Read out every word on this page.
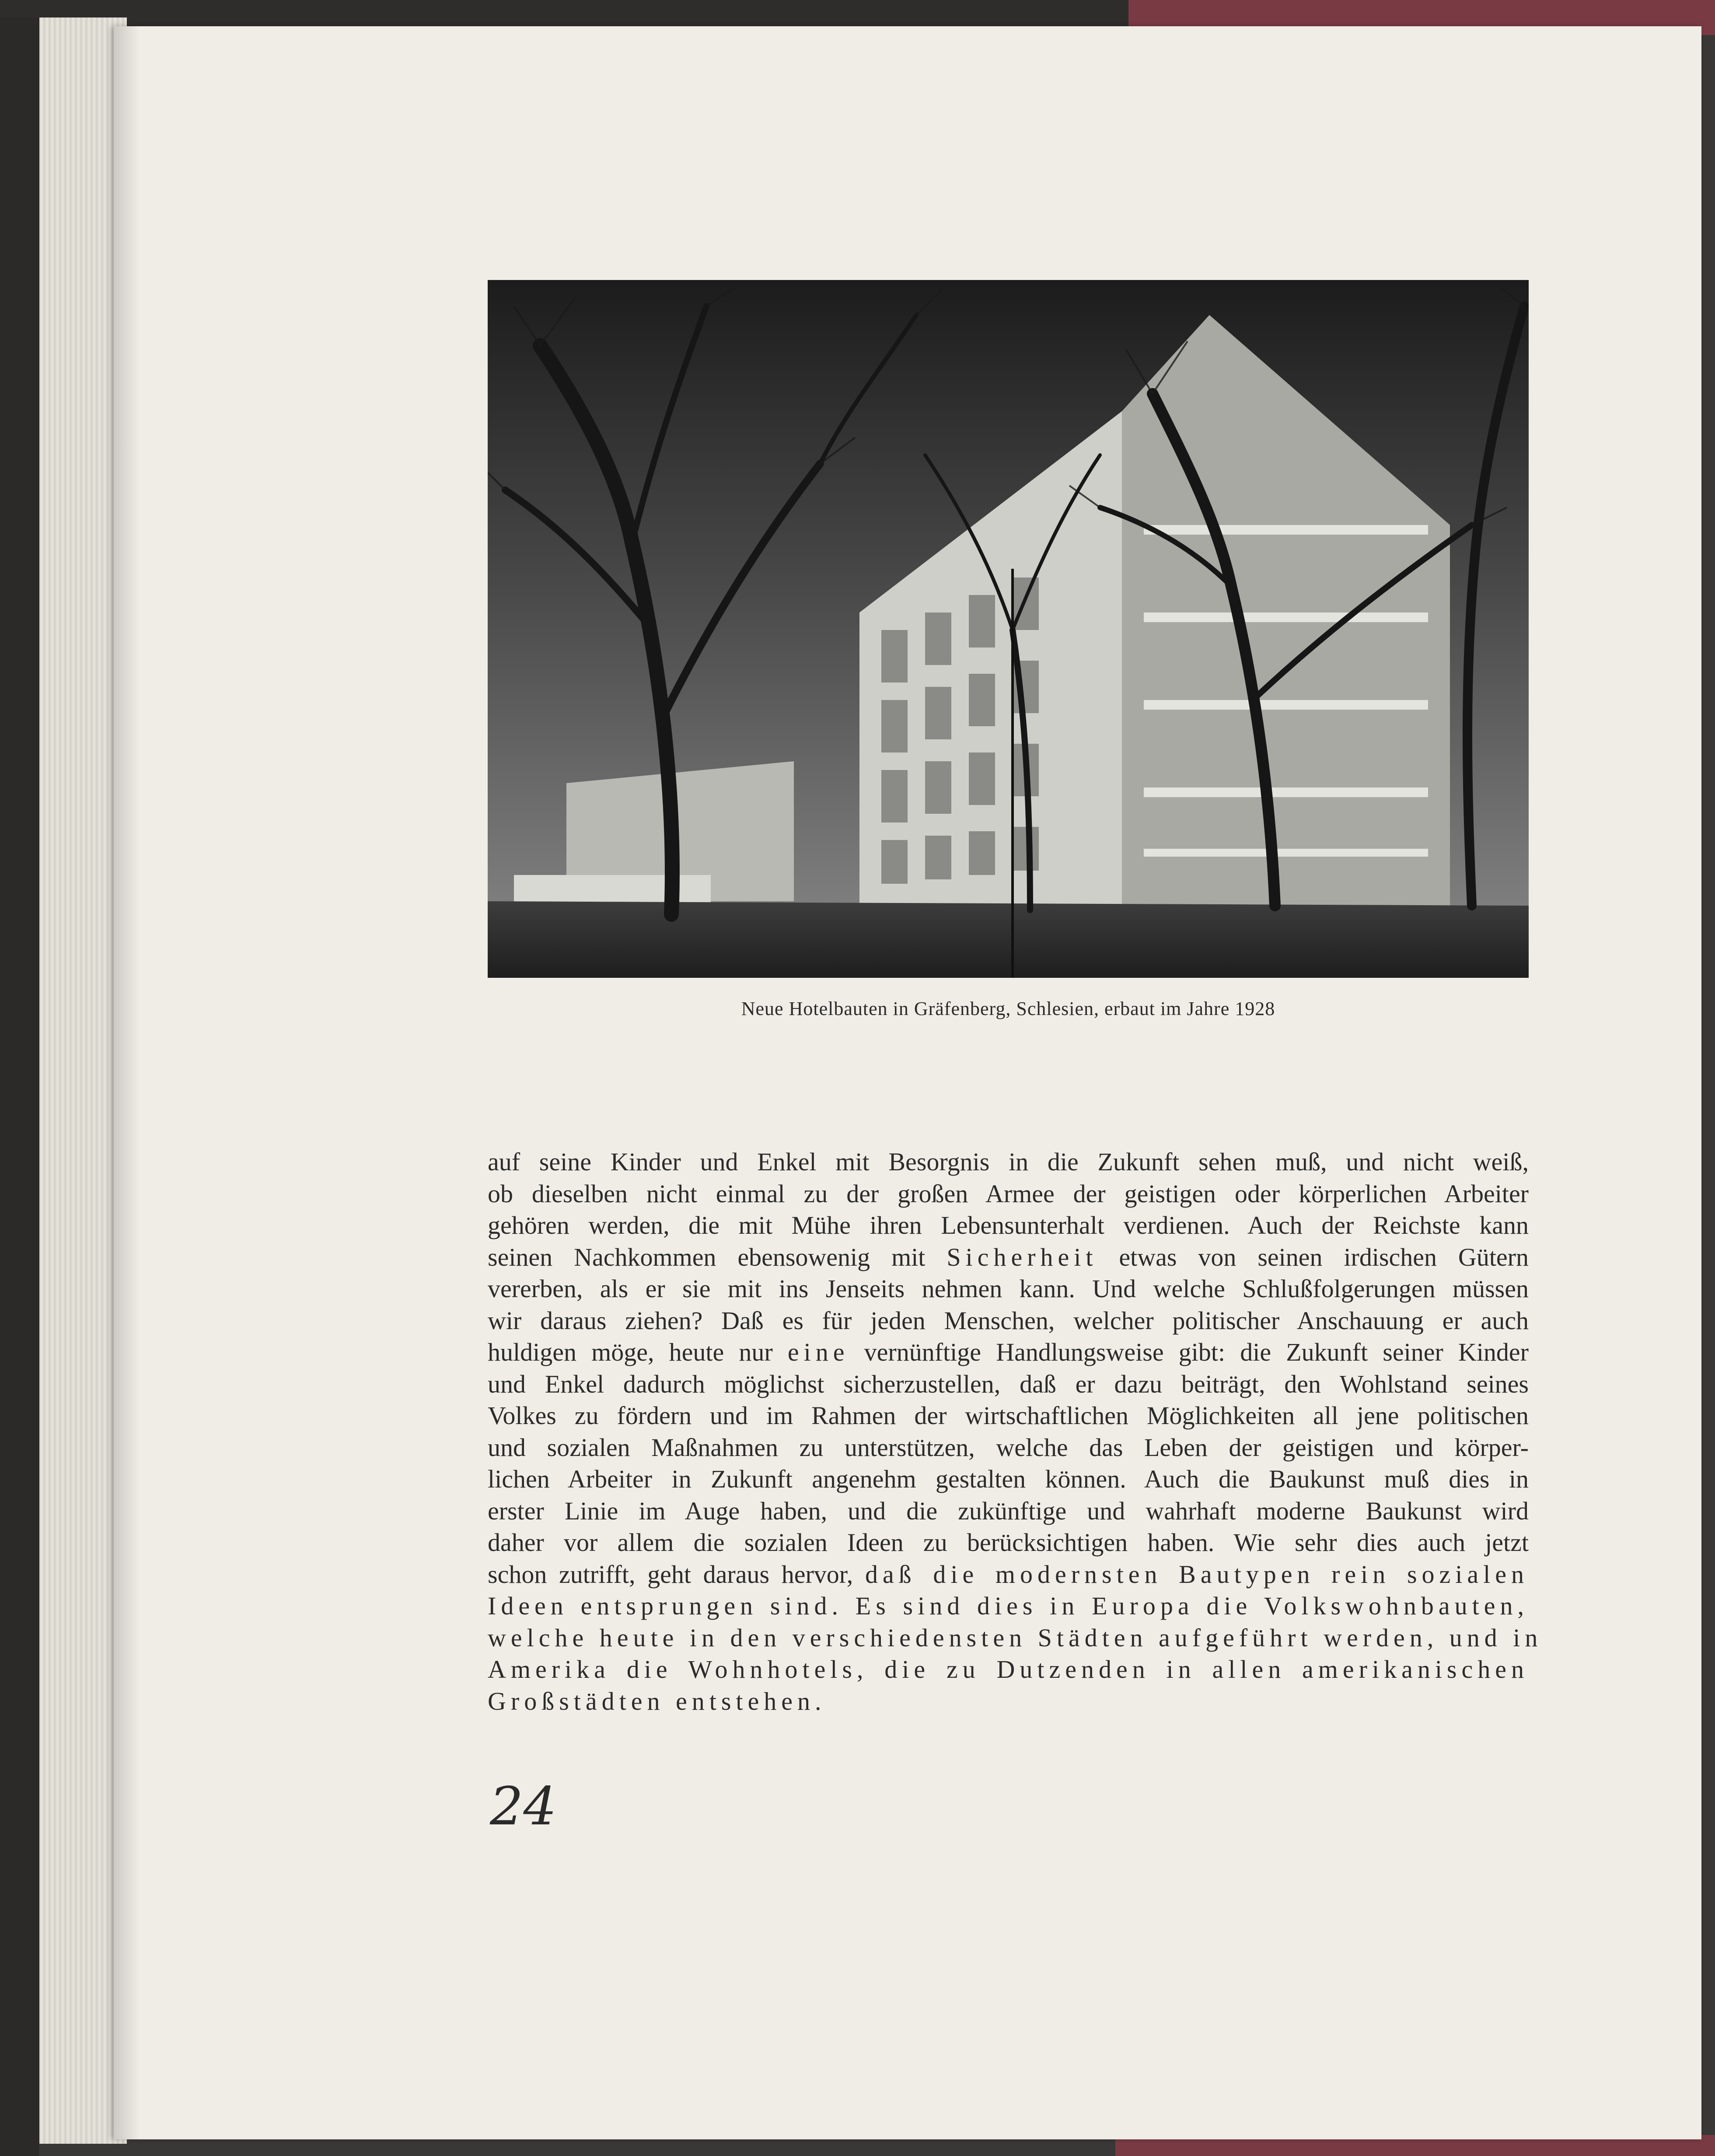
Neue Hotelbauten in Gräfenberg, Schlesien, erbaut im Jahre 1928
auf seine Kinder und Enkel mit Besorgnis in die Zukunft sehen muß, und nicht weiß,
ob dieselben nicht einmal zu der großen Armee der geistigen oder körperlichen Arbeiter
gehören werden, die mit Mühe ihren Lebensunterhalt verdienen. Auch der Reichste kann
seinen Nachkommen ebensowenig mit Sicherheit etwas von seinen irdischen Gütern
vererben, als er sie mit ins Jenseits nehmen kann. Und welche Schlußfolgerungen müssen
wir daraus ziehen? Daß es für jeden Menschen, welcher politischer Anschauung er auch
huldigen möge, heute nur eine vernünftige Handlungsweise gibt: die Zukunft seiner Kinder
und Enkel dadurch möglichst sicherzustellen, daß er dazu beiträgt, den Wohlstand seines
Volkes zu fördern und im Rahmen der wirtschaftlichen Möglichkeiten all jene politischen
und sozialen Maßnahmen zu unterstützen, welche das Leben der geistigen und körper-
lichen Arbeiter in Zukunft angenehm gestalten können. Auch die Baukunst muß dies in
erster Linie im Auge haben, und die zukünftige und wahrhaft moderne Baukunst wird
daher vor allem die sozialen Ideen zu berücksichtigen haben. Wie sehr dies auch jetzt
schon zutrifft, geht daraus hervor, daß die modernsten Bautypen rein sozialen
Ideen entsprungen sind. Es sind dies in Europa die Volkswohnbauten,
welche heute in den verschiedensten Städten aufgeführt werden, und in
Amerika die Wohnhotels, die zu Dutzenden in allen amerikanischen
Großstädten entstehen.
24
